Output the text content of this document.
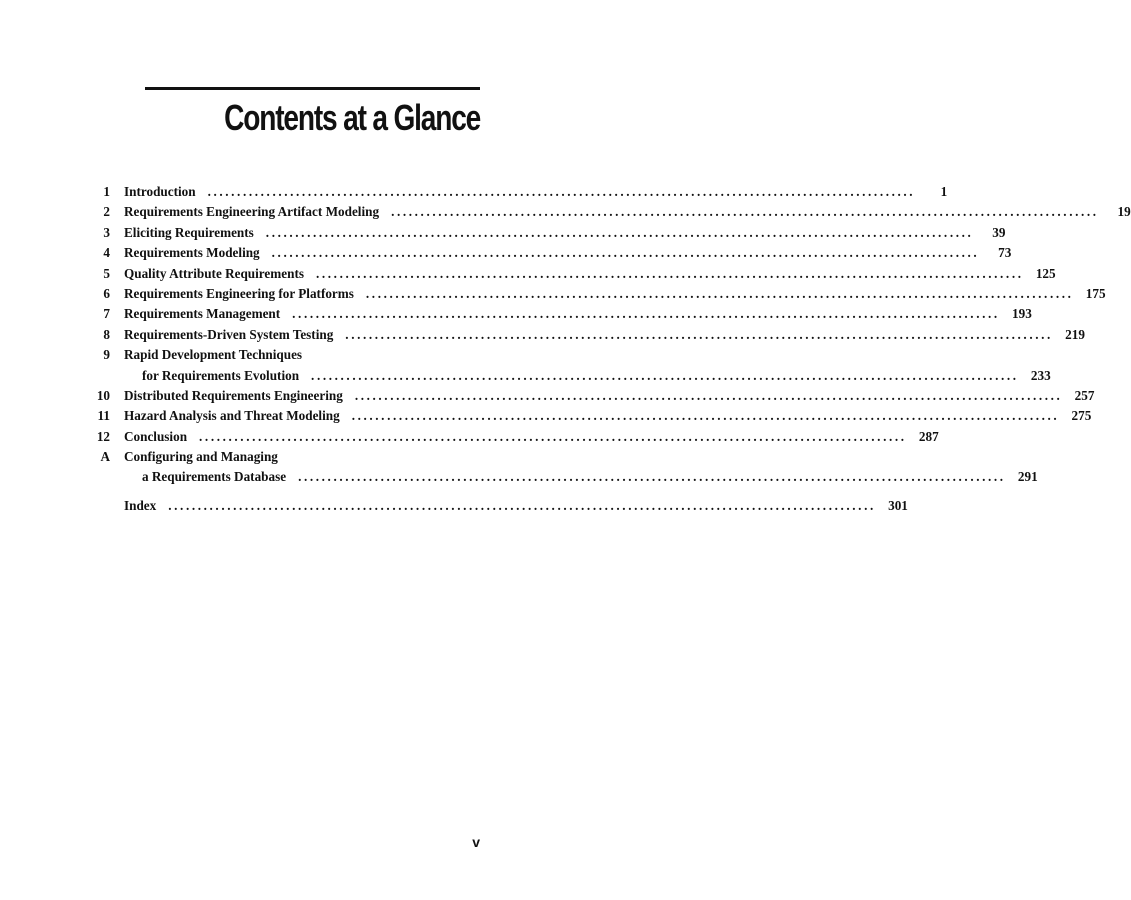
Contents at a Glance
1 Introduction ........................................................................................................................	1
2 Requirements Engineering Artifact Modeling ........................................................................................................................	19
3 Eliciting Requirements ........................................................................................................................	39
4 Requirements Modeling ........................................................................................................................	73
5 Quality Attribute Requirements ........................................................................................................................ 125
6 Requirements Engineering for Platforms ........................................................................................................................ 175
7 Requirements Management ........................................................................................................................ 193
8 Requirements-Driven System Testing ........................................................................................................................ 219
9 Rapid Development Techniques
for Requirements Evolution ........................................................................................................................ 233
10 Distributed Requirements Engineering ........................................................................................................................ 257
11 Hazard Analysis and Threat Modeling ........................................................................................................................ 275
12 Conclusion ........................................................................................................................ 287
A Configuring and Managing
a Requirements Database ........................................................................................................................ 291
Index ........................................................................................................................ 301
v
